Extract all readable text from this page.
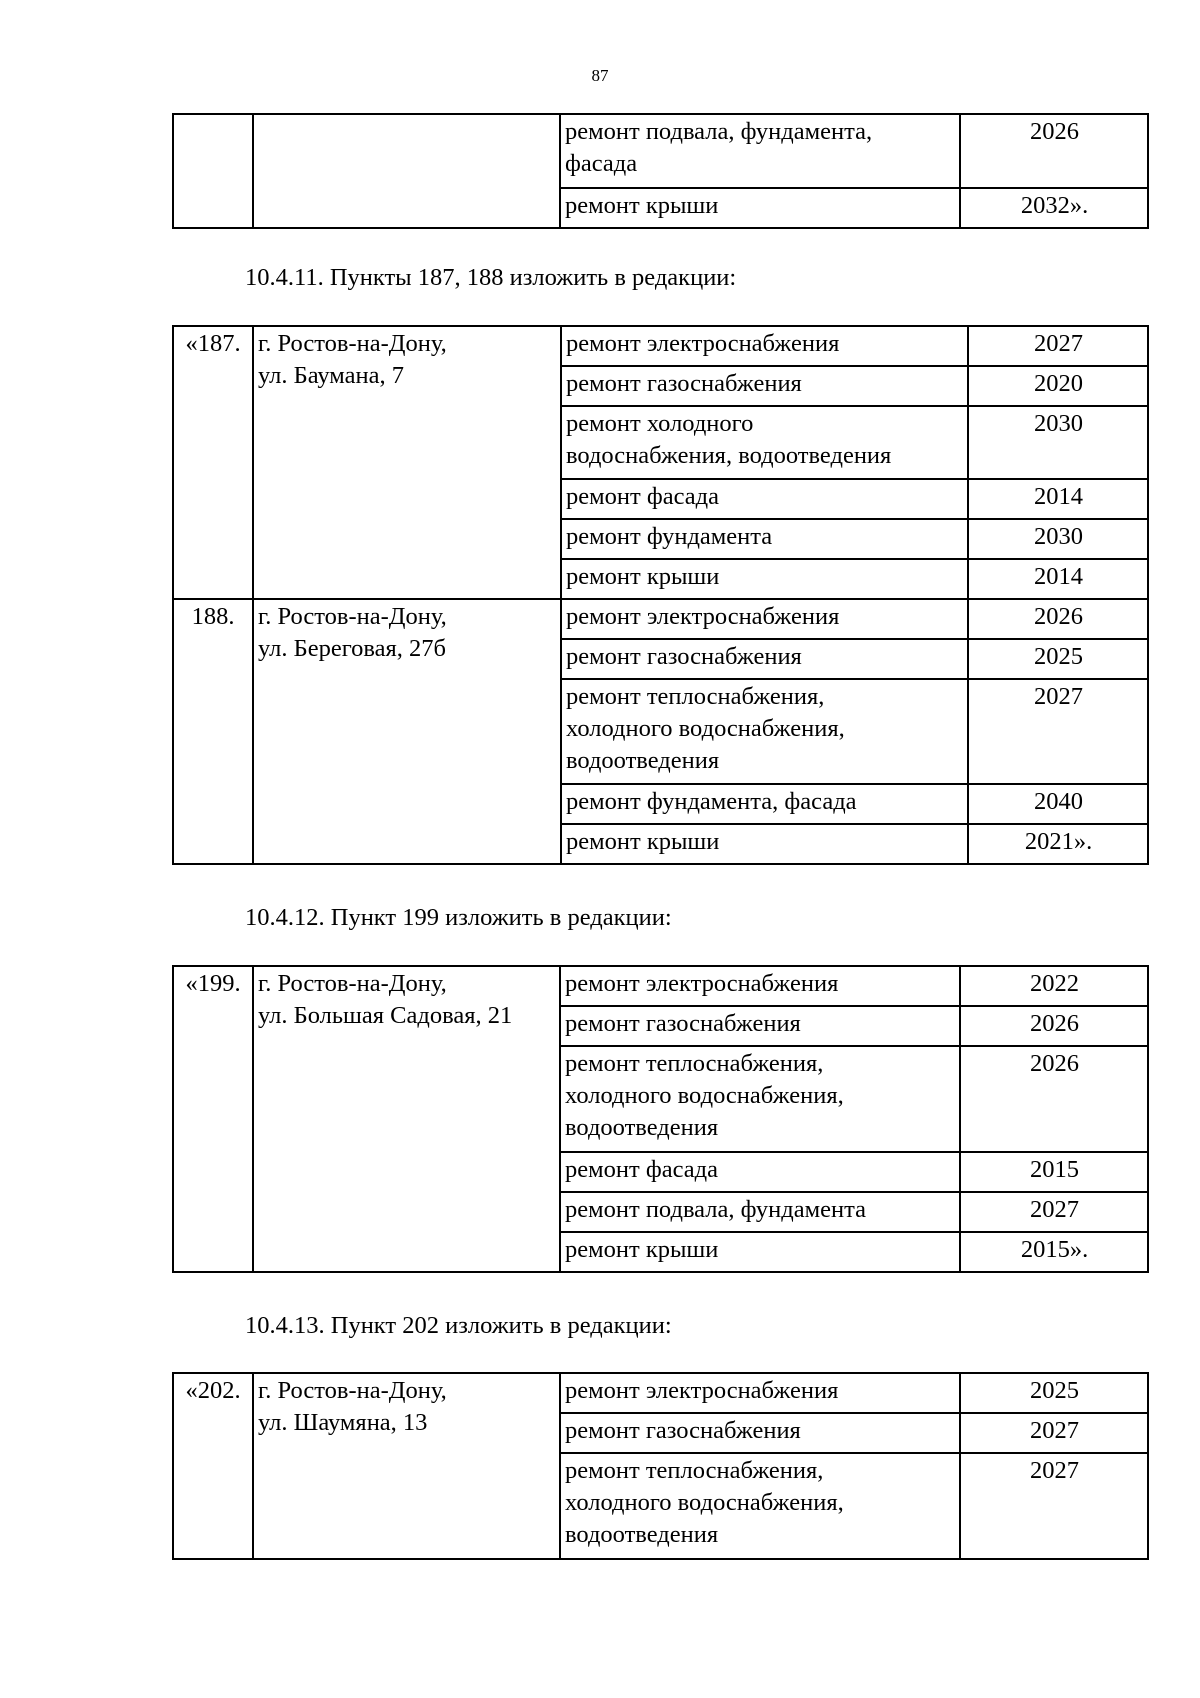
87
		ремонт подвала, фундамента,
фасада	2026
		ремонт крыши	2032».
10.4.11. Пункты 187, 188 изложить в редакции:
«187.	г. Ростов-на-Дону,
ул. Баумана, 7	ремонт электроснабжения	2027
		ремонт газоснабжения	2020
		ремонт холодного
водоснабжения, водоотведения	2030
		ремонт фасада	2014
		ремонт фундамента	2030
		ремонт крыши	2014
188.	г. Ростов-на-Дону,
ул. Береговая, 27б	ремонт электроснабжения	2026
		ремонт газоснабжения	2025
		ремонт теплоснабжения,
холодного водоснабжения,
водоотведения	2027
		ремонт фундамента, фасада	2040
		ремонт крыши	2021».
10.4.12. Пункт 199 изложить в редакции:
«199.	г. Ростов-на-Дону,
ул. Большая Садовая, 21	ремонт электроснабжения	2022
		ремонт газоснабжения	2026
		ремонт теплоснабжения,
холодного водоснабжения,
водоотведения	2026
		ремонт фасада	2015
		ремонт подвала, фундамента	2027
		ремонт крыши	2015».
10.4.13. Пункт 202 изложить в редакции:
«202.	г. Ростов-на-Дону,
ул. Шаумяна, 13	ремонт электроснабжения	2025
		ремонт газоснабжения	2027
		ремонт теплоснабжения,
холодного водоснабжения,
водоотведения	2027
